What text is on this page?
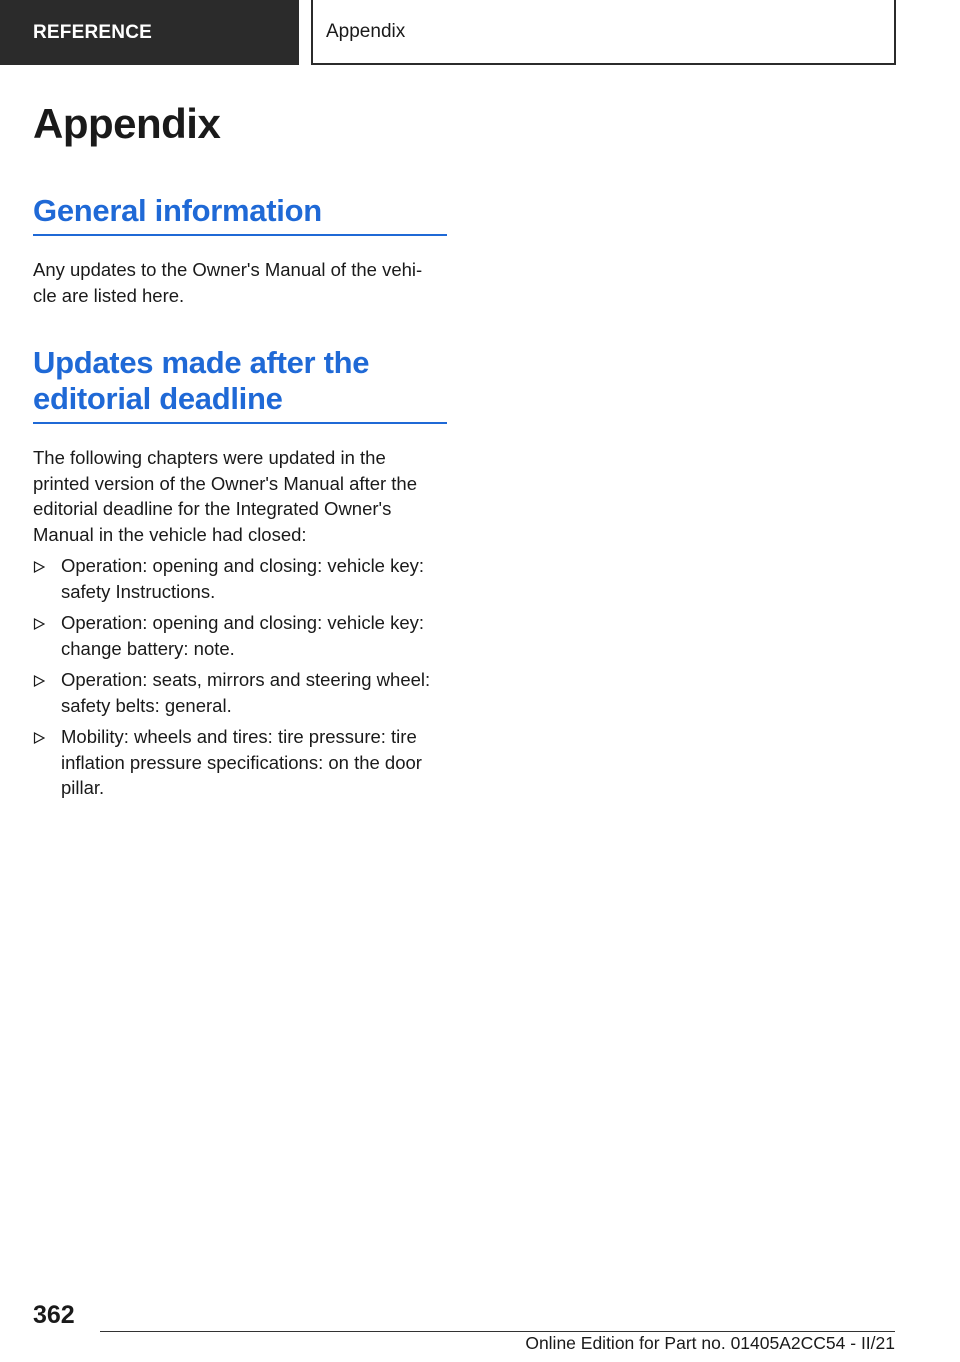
REFERENCE	Appendix
Appendix
General information

Any updates to the Owner's Manual of the vehi-
cle are listed here.

Updates made after the
editorial deadline

The following chapters were updated in the
printed version of the Owner's Manual after the
editorial deadline for the Integrated Owner's
Manual in the vehicle had closed:

Operation: opening and closing: vehicle key:
safety Instructions.
Operation: opening and closing: vehicle key:
change battery: note.
Operation: seats, mirrors and steering wheel:
safety belts: general.
Mobility: wheels and tires: tire pressure: tire
inflation pressure specifications: on the door
pillar.
362
Online Edition for Part no. 01405A2CC54 - II/21
